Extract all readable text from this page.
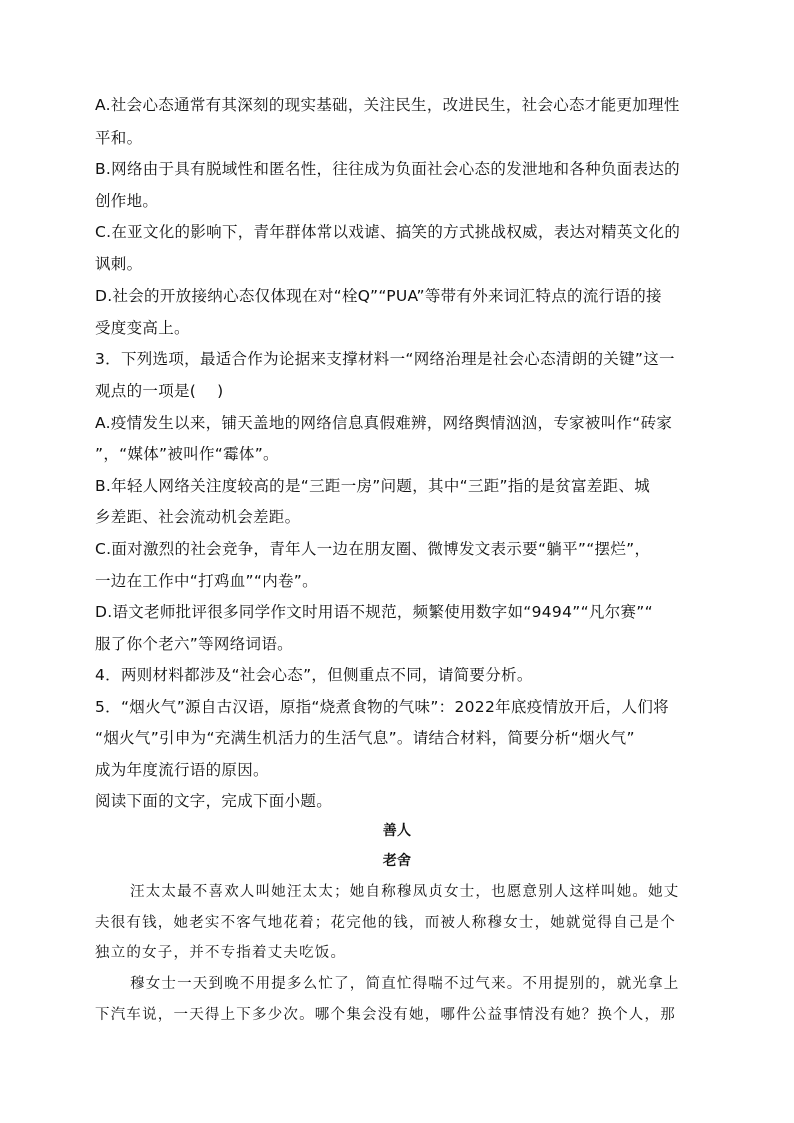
A.社会心态通常有其深刻的现实基础，关注民生，改进民生，社会心态才能更加理性
平和。
B.网络由于具有脱域性和匿名性，往往成为负面社会心态的发泄地和各种负面表达的
创作地。
C.在亚文化的影响下，青年群体常以戏谑、搞笑的方式挑战权威，表达对精英文化的
讽刺。
D.社会的开放接纳心态仅体现在对“栓Q”“PUA”等带有外来词汇特点的流行语的接
受度变高上。
3．下列选项，最适合作为论据来支撑材料一“网络治理是社会心态清朗的关键”这一
观点的一项是(　 )
A.疫情发生以来，铺天盖地的网络信息真假难辨，网络舆情汹汹，专家被叫作“砖家
”，“媒体”被叫作“霉体”。
B.年轻人网络关注度较高的是“三距一房”问题，其中“三距”指的是贫富差距、城
乡差距、社会流动机会差距。
C.面对激烈的社会竞争，青年人一边在朋友圈、微博发文表示要“躺平”“摆烂”，
一边在工作中“打鸡血”“内卷”。
D.语文老师批评很多同学作文时用语不规范，频繁使用数字如“9494”“凡尔赛”“
服了你个老六”等网络词语。
4．两则材料都涉及“社会心态”，但侧重点不同，请简要分析。
5．“烟火气”源自古汉语，原指“烧煮食物的气味”：2022年底疫情放开后，人们将
“烟火气”引申为“充满生机活力的生活气息”。请结合材料，简要分析“烟火气”
成为年度流行语的原因。
阅读下面的文字，完成下面小题。
善人
老舍
汪太太最不喜欢人叫她汪太太；她自称穆凤贞女士，也愿意别人这样叫她。她丈
夫很有钱，她老实不客气地花着；花完他的钱，而被人称穆女士，她就觉得自己是个
独立的女子，并不专指着丈夫吃饭。
穆女士一天到晚不用提多么忙了，简直忙得喘不过气来。不用提别的，就光拿上
下汽车说，一天得上下多少次。哪个集会没有她，哪件公益事情没有她？换个人，那
